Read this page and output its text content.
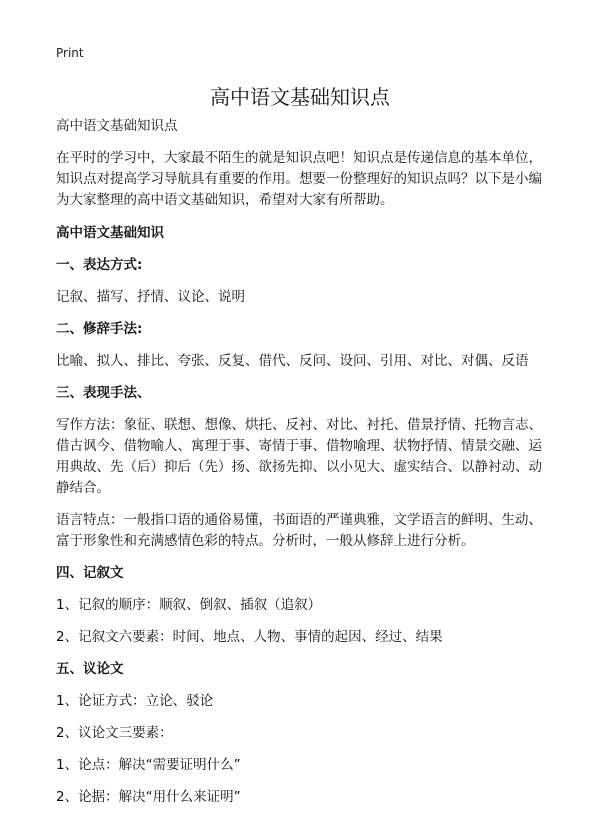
Print
高中语文基础知识点

高中语文基础知识点

在平时的学习中，大家最不陌生的就是知识点吧！知识点是传递信息的基本单位，知识点对提高学习导航具有重要的作用。想要一份整理好的知识点吗？以下是小编为大家整理的高中语文基础知识，希望对大家有所帮助。

高中语文基础知识

一、表达方式:

记叙、描写、抒情、议论、说明

二、修辞手法:

比喻、拟人、排比、夸张、反复、借代、反问、设问、引用、对比、对偶、反语

三、表现手法、

写作方法：象征、联想、想像、烘托、反衬、对比、衬托、借景抒情、托物言志、借古讽今、借物喻人、寓理于事、寄情于事、借物喻理、状物抒情、情景交融、运用典故、先（后）抑后（先）扬、欲扬先抑、以小见大、虚实结合、以静衬动、动静结合。

语言特点：一般指口语的通俗易懂，书面语的严谨典雅，文学语言的鲜明、生动、富于形象性和充满感情色彩的特点。分析时，一般从修辞上进行分析。

四、记叙文

1、记叙的顺序：顺叙、倒叙、插叙（追叙）

2、记叙文六要素：时间、地点、人物、事情的起因、经过、结果

五、议论文

1、论证方式：立论、驳论

2、议论文三要素：

1、论点：解决“需要证明什么”

2、论据：解决“用什么来证明”
